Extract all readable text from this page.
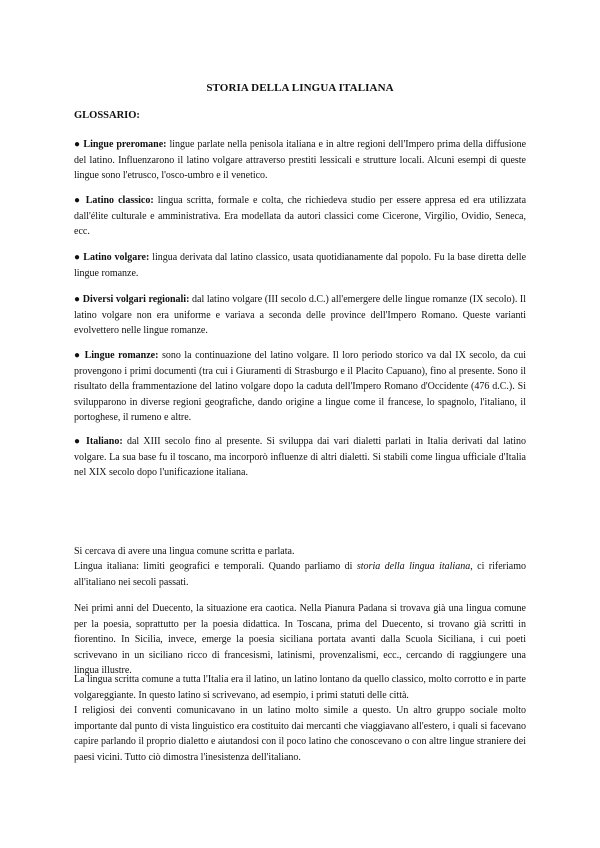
STORIA DELLA LINGUA ITALIANA
GLOSSARIO:
● Lingue preromane: lingue parlate nella penisola italiana e in altre regioni dell'Impero prima della diffusione del latino. Influenzarono il latino volgare attraverso prestiti lessicali e strutture locali. Alcuni esempi di queste lingue sono l'etrusco, l'osco-umbro e il venetico.
● Latino classico: lingua scritta, formale e colta, che richiedeva studio per essere appresa ed era utilizzata dall'élite culturale e amministrativa. Era modellata da autori classici come Cicerone, Virgilio, Ovidio, Seneca, ecc.
● Latino volgare: lingua derivata dal latino classico, usata quotidianamente dal popolo. Fu la base diretta delle lingue romanze.
● Diversi volgari regionali: dal latino volgare (III secolo d.C.) all'emergere delle lingue romanze (IX secolo). Il latino volgare non era uniforme e variava a seconda delle province dell'Impero Romano. Queste varianti evolvettero nelle lingue romanze.
● Lingue romanze: sono la continuazione del latino volgare. Il loro periodo storico va dal IX secolo, da cui provengono i primi documenti (tra cui i Giuramenti di Strasburgo e il Placito Capuano), fino al presente. Sono il risultato della frammentazione del latino volgare dopo la caduta dell'Impero Romano d'Occidente (476 d.C.). Si svilupparono in diverse regioni geografiche, dando origine a lingue come il francese, lo spagnolo, l'italiano, il portoghese, il rumeno e altre.
● Italiano: dal XIII secolo fino al presente. Si sviluppa dai vari dialetti parlati in Italia derivati dal latino volgare. La sua base fu il toscano, ma incorporò influenze di altri dialetti. Si stabilì come lingua ufficiale d'Italia nel XIX secolo dopo l'unificazione italiana.

Si cercava di avere una lingua comune scritta e parlata.

Lingua italiana: limiti geografici e temporali. Quando parliamo di storia della lingua italiana, ci riferiamo all'italiano nei secoli passati.

Nei primi anni del Duecento, la situazione era caotica. Nella Pianura Padana si trovava già una lingua comune per la poesia, soprattutto per la poesia didattica. In Toscana, prima del Duecento, si trovano già scritti in fiorentino. In Sicilia, invece, emerge la poesia siciliana portata avanti dalla Scuola Siciliana, i cui poeti scrivevano in un siciliano ricco di francesismi, latinismi, provenzalismi, ecc., cercando di raggiungere una lingua illustre.

La lingua scritta comune a tutta l'Italia era il latino, un latino lontano da quello classico, molto corrotto e in parte volgareggiante. In questo latino si scrivevano, ad esempio, i primi statuti delle città.

I religiosi dei conventi comunicavano in un latino molto simile a questo. Un altro gruppo sociale molto importante dal punto di vista linguistico era costituito dai mercanti che viaggiavano all'estero, i quali si facevano capire parlando il proprio dialetto e aiutandosi con il poco latino che conoscevano o con altre lingue straniere dei paesi vicini. Tutto ciò dimostra l'inesistenza dell'italiano.
